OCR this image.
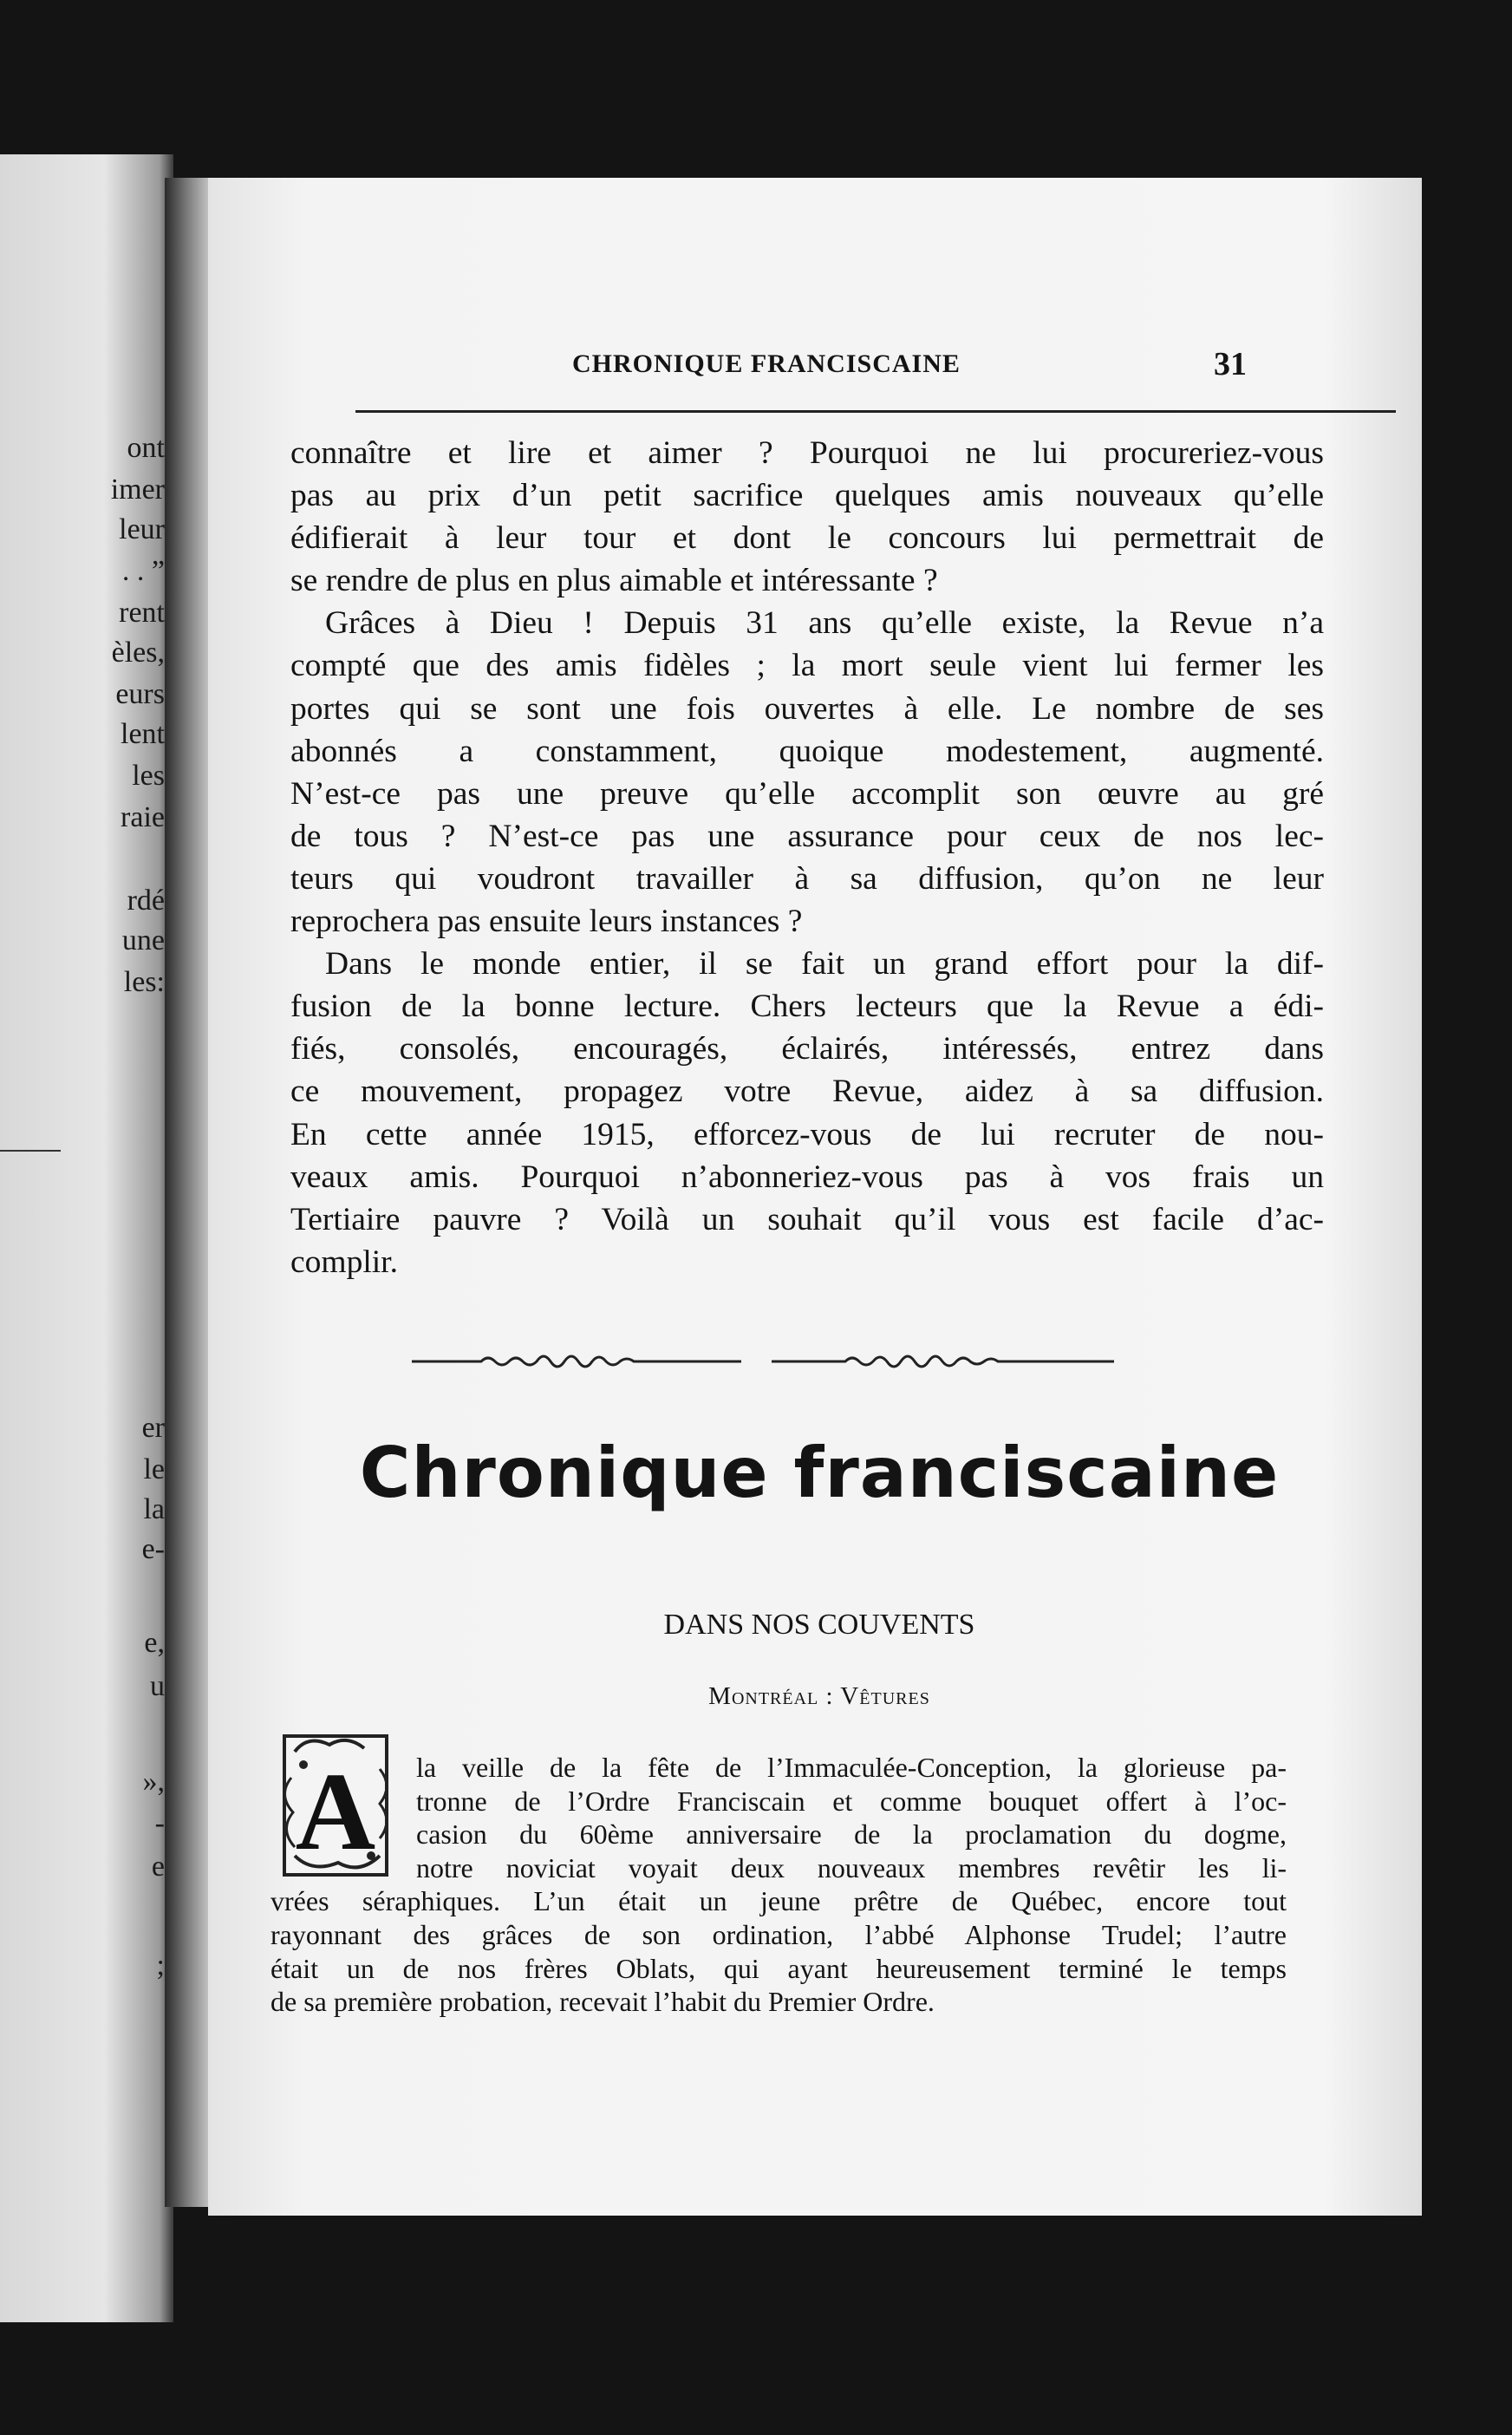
ont
imer
leur
. . ”
rent
èles,
eurs
lent
les
raie
rdé
une
les:
er
le
la
e-
e,
u
»,
-
e
;
CHRONIQUE FRANCISCAINE	31
connaître et lire et aimer ? Pourquoi ne lui procureriez-vous
pas au prix d’un petit sacrifice quelques amis nouveaux qu’elle
édifierait à leur tour et dont le concours lui permettrait de
se rendre de plus en plus aimable et intéressante ?
Grâces à Dieu ! Depuis 31 ans qu’elle existe, la Revue n’a
compté que des amis fidèles ; la mort seule vient lui fermer les
portes qui se sont une fois ouvertes à elle. Le nombre de ses
abonnés a constamment, quoique modestement, augmenté.
N’est-ce pas une preuve qu’elle accomplit son œuvre au gré
de tous ? N’est-ce pas une assurance pour ceux de nos lec-
teurs qui voudront travailler à sa diffusion, qu’on ne leur
reprochera pas ensuite leurs instances ?
Dans le monde entier, il se fait un grand effort pour la dif-
fusion de la bonne lecture. Chers lecteurs que la Revue a édi-
fiés, consolés, encouragés, éclairés, intéressés, entrez dans
ce mouvement, propagez votre Revue, aidez à sa diffusion.
En cette année 1915, efforcez-vous de lui recruter de nou-
veaux amis. Pourquoi n’abonneriez-vous pas à vos frais un
Tertiaire pauvre ? Voilà un souhait qu’il vous est facile d’ac-
complir.
Chronique franciscaine
DANS NOS COUVENTS
Montréal : Vêtures
A	la veille de la fête de l’Immaculée-Conception, la glorieuse pa-
tronne de l’Ordre Franciscain et comme bouquet offert à l’oc-
casion du 60ème anniversaire de la proclamation du dogme,
notre noviciat voyait deux nouveaux membres revêtir les li-
vrées séraphiques. L’un était un jeune prêtre de Québec, encore tout
rayonnant des grâces de son ordination, l’abbé Alphonse Trudel; l’autre
était un de nos frères Oblats, qui ayant heureusement terminé le temps
de sa première probation, recevait l’habit du Premier Ordre.
